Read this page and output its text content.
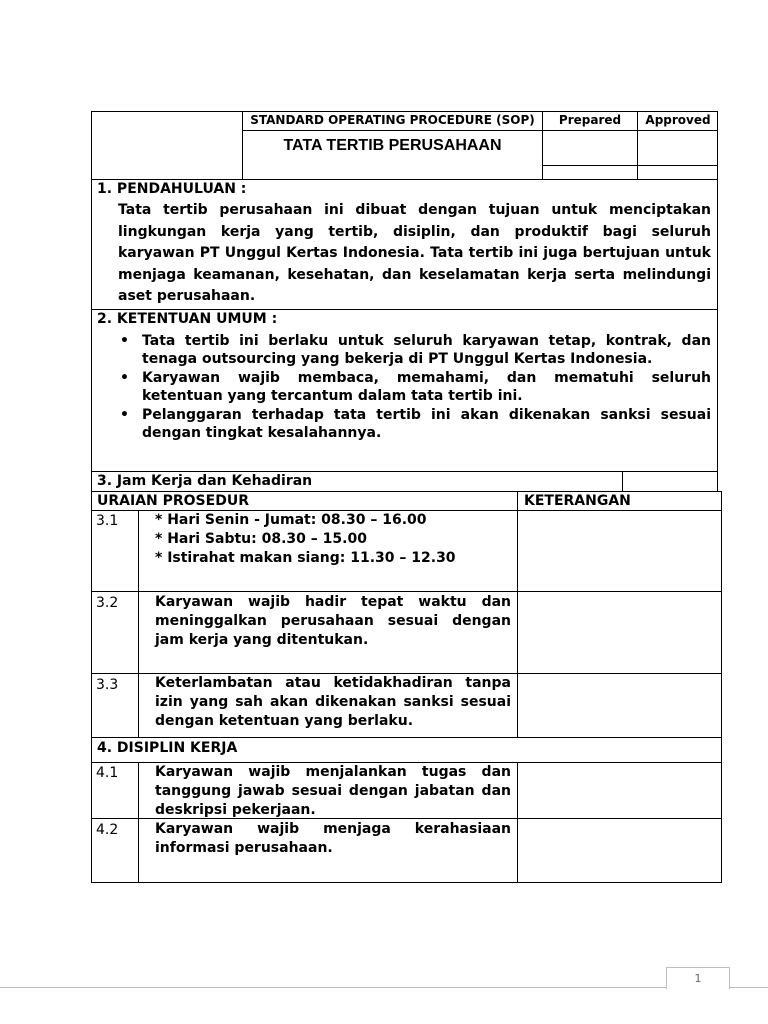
STANDARD OPERATING PROCEDURE (SOP)	Prepared	Approved
TATA TERTIB PERUSAHAAN
1. PENDAHULUAN :
Tata tertib perusahaan ini dibuat dengan tujuan untuk menciptakan lingkungan kerja yang tertib, disiplin, dan produktif bagi seluruh karyawan PT Unggul Kertas Indonesia. Tata tertib ini juga bertujuan untuk menjaga keamanan, kesehatan, dan keselamatan kerja serta melindungi aset perusahaan.
2. KETENTUAN UMUM :
• Tata tertib ini berlaku untuk seluruh karyawan tetap, kontrak, dan tenaga outsourcing yang bekerja di PT Unggul Kertas Indonesia.
• Karyawan wajib membaca, memahami, dan mematuhi seluruh ketentuan yang tercantum dalam tata tertib ini.
• Pelanggaran terhadap tata tertib ini akan dikenakan sanksi sesuai dengan tingkat kesalahannya.
3. Jam Kerja dan Kehadiran
URAIAN PROSEDUR	KETERANGAN
3.1	* Hari Senin - Jumat: 08.30 – 16.00
* Hari Sabtu: 08.30 – 15.00
* Istirahat makan siang: 11.30 – 12.30
3.2	Karyawan wajib hadir tepat waktu dan meninggalkan perusahaan sesuai dengan jam kerja yang ditentukan.
3.3	Keterlambatan atau ketidakhadiran tanpa izin yang sah akan dikenakan sanksi sesuai dengan ketentuan yang berlaku.
4. DISIPLIN KERJA
4.1	Karyawan wajib menjalankan tugas dan tanggung jawab sesuai dengan jabatan dan deskripsi pekerjaan.
4.2	Karyawan wajib menjaga kerahasiaan informasi perusahaan.
1
